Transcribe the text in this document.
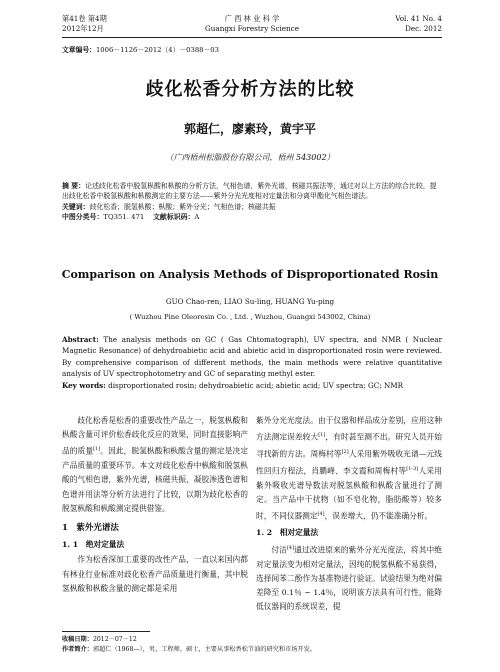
第41卷 第4期
2012年12月
广 西 林 业 科 学
Guangxi Forestry Science
Vol. 41 No. 4
Dec. 2012
文章编号：1006－1126－2012（4）－0388－03
歧化松香分析方法的比较
郭超仁，廖素玲，黄宇平
（广西梧州松脂股份有限公司，梧州 543002）

摘 要：论述歧化松香中脱氢枞酸和枞酸的分析方法，气相色谱，紫外光谱，核磁共振法等，通过对以上方法的综合比较，提出歧化松香中脱氢枞酸和枞酸测定的主要方法——紫外分光光度相对定量法和分离甲酯化气相色谱法。

关键词：歧化松香；脱氢枞酸；枞酸；紫外分光；气相色谱；核磁共振

中图分类号：TQ351. 471 文献标识码：A

Comparison on Analysis Methods of Disproportionated Rosin
GUO Chao-ren, LIAO Su-ling, HUANG Yu-ping
( Wuzhou Pine Oleoresin Co. , Ltd. , Wuzhou, Guangxi 543002, China)

Abstract: The analysis methods on GC ( Gas Chtomatograph), UV spectra, and NMR ( Nuclear Magnetic Resonance) of dehydroabietic acid and abietic acid in disproportionated rosin were reviewed. By comprehensive comparison of different methods, the main methods were relative quantitative analysis of UV spectrophotometry and GC of separating methyl ester.

Key words: disproportionated rosin; dehydroabietic acid; abietic acid; UV spectra; GC; NMR

歧化松香是松香的重要改性产品之一，脱氢枞酸和枞酸含量可评价松香歧化反应的效果，同时直接影响产品的质量[1]。因此，脱氢枞酸和枞酸含量的测定是决定产品质量的重要环节。本文对歧化松香中枞酸和脱氢枞酸的气相色谱，紫外光谱，核磁共振，凝胶渗透色谱和色谱并用法等分析方法进行了比较，以期为歧化松香的脱氢枞酸和枞酸测定提供借鉴。

1　紫外光谱法
1. 1　绝对定量法

作为松香深加工重要的改性产品，一直以来国内都有林业行业标准对歧化松香产品质量进行衡量，其中脱氢枞酸和枞酸含量的测定都是采用

紫外分光光度法。由于仪器和样品成分差别，应用这种方法测定误差较大[1]，有时甚至测不出。研究人员开始寻找新的方法。周梅村等[2]人采用紫外吸收光谱—元线性回归方程法，肖鹏峰、李文霞和周梅村等[1-3]人采用紫外吸收光谱导数法对脱氢枞酸和枞酸含量进行了测定。当产品中干扰物（如不皂化物，脂肪酸等）较多时，不同仪器测定[4]，误差增大，仍不能准确分析。

1. 2　相对定量法

付洁[4]通过改进原来的紫外分光光度法，将其中绝对定量法变为相对定量法，因纯的脱氢枞酸不易获得，选择间苯二酚作为基准物进行验证。试验结果为绝对偏差降至 0.1％ ~ 1.4％，说明该方法具有可行性，能降低仪器间的系统误差，提

收稿日期：2012－07－12

作者简介：郭超仁（1968—），男，工程师，硕士，主要从事松香松节油的研究和市场开发。
